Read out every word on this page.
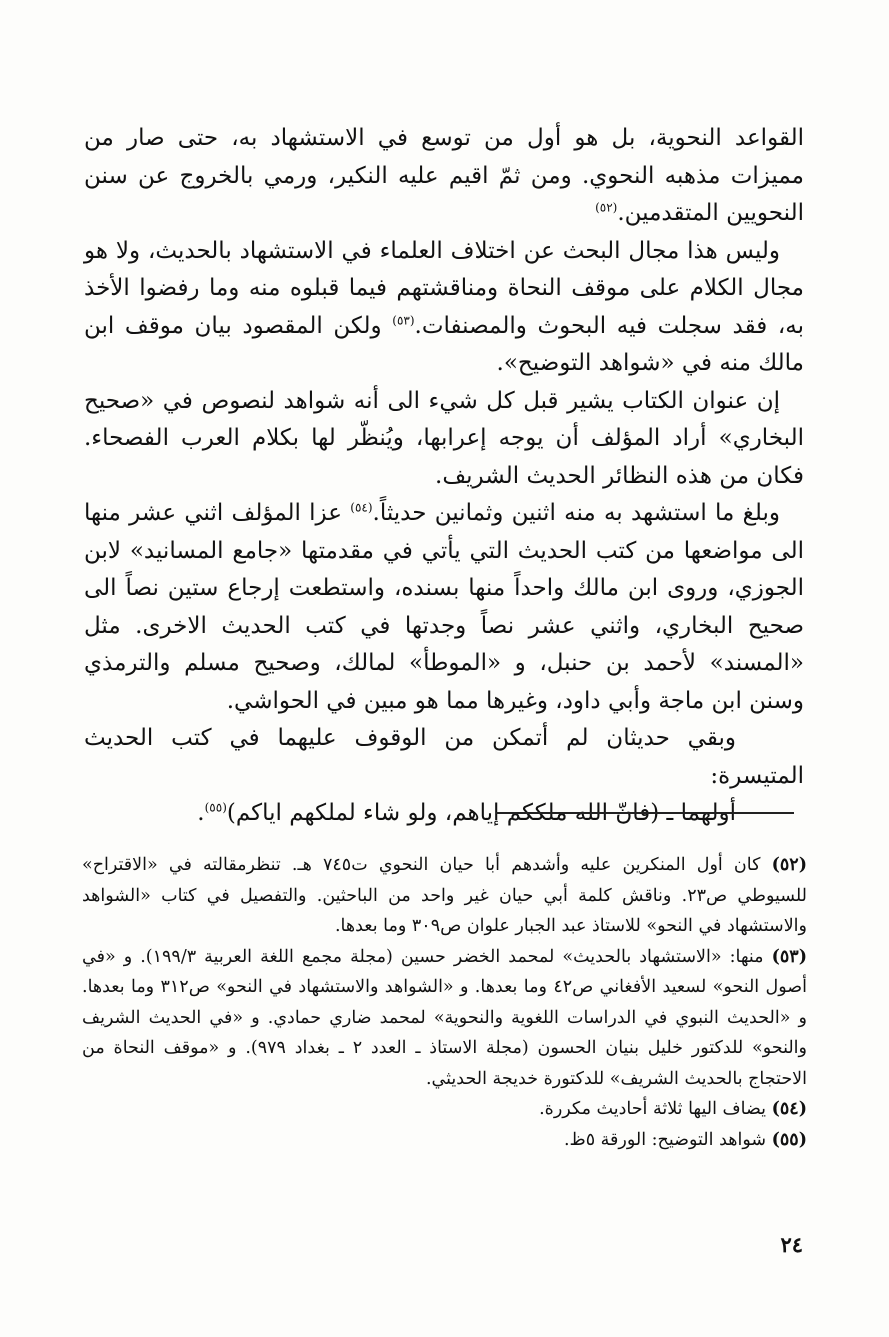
القواعد النحوية، بل هو أول من توسع في الاستشهاد به، حتى صار من مميزات مذهبه النحوي. ومن ثمّ اقيم عليه النكير، ورمي بالخروج عن سنن النحويين المتقدمين.$^{(٥٢)}$

وليس هذا مجال البحث عن اختلاف العلماء في الاستشهاد بالحديث، ولا هو مجال الكلام على موقف النحاة ومناقشتهم فيما قبلوه منه وما رفضوا الأخذ به، فقد سجلت فيه البحوث والمصنفات.$^{(٥٣)}$ ولكن المقصود بيان موقف ابن مالك منه في «شواهد التوضيح».

إن عنوان الكتاب يشير قبل كل شيء الى أنه شواهد لنصوص في «صحيح البخاري» أراد المؤلف أن يوجه إعرابها، ويُنظّر لها بكلام العرب الفصحاء. فكان من هذه النظائر الحديث الشريف.

وبلغ ما استشهد به منه اثنين وثمانين حديثاً.$^{(٥٤)}$ عزا المؤلف اثني عشر منها الى مواضعها من كتب الحديث التي يأتي في مقدمتها «جامع المسانيد» لابن الجوزي، وروى ابن مالك واحداً منها بسنده، واستطعت إرجاع ستين نصاً الى صحيح البخاري، واثني عشر نصاً وجدتها في كتب الحديث الاخرى. مثل «المسند» لأحمد بن حنبل، و «الموطأ» لمالك، وصحيح مسلم والترمذي وسنن ابن ماجة وأبي داود، وغيرها مما هو مبين في الحواشي.

وبقي حديثان لم أتمكن من الوقوف عليهما في كتب الحديث المتيسرة:

أولهما ـ (فانّ الله ملككم إياهم، ولو شاء لملكهم اياكم)$^{(٥٥)}$.

(٥٢) كان أول المنكرين عليه وأشدهم أبا حيان النحوي ت٧٤٥ هـ. تنظرمقالته في «الاقتراح» للسيوطي ص٢٣. وناقش كلمة أبي حيان غير واحد من الباحثين. والتفصيل في كتاب «الشواهد والاستشهاد في النحو» للاستاذ عبد الجبار علوان ص٣٠٩ وما بعدها.

(٥٣) منها: «الاستشهاد بالحديث» لمحمد الخضر حسين (مجلة مجمع اللغة العربية ١٩٩/٣). و «في أصول النحو» لسعيد الأفغاني ص٤٢ وما بعدها. و «الشواهد والاستشهاد في النحو» ص٣١٢ وما بعدها. و «الحديث النبوي في الدراسات اللغوية والنحوية» لمحمد ضاري حمادي. و «في الحديث الشريف والنحو» للدكتور خليل بنيان الحسون (مجلة الاستاذ ـ العدد ٢ ـ بغداد ٩٧٩). و «موقف النحاة من الاحتجاج بالحديث الشريف» للدكتورة خديجة الحديثي.

(٥٤) يضاف اليها ثلاثة أحاديث مكررة.

(٥٥) شواهد التوضيح: الورقة ٥ظ.

٢٤
